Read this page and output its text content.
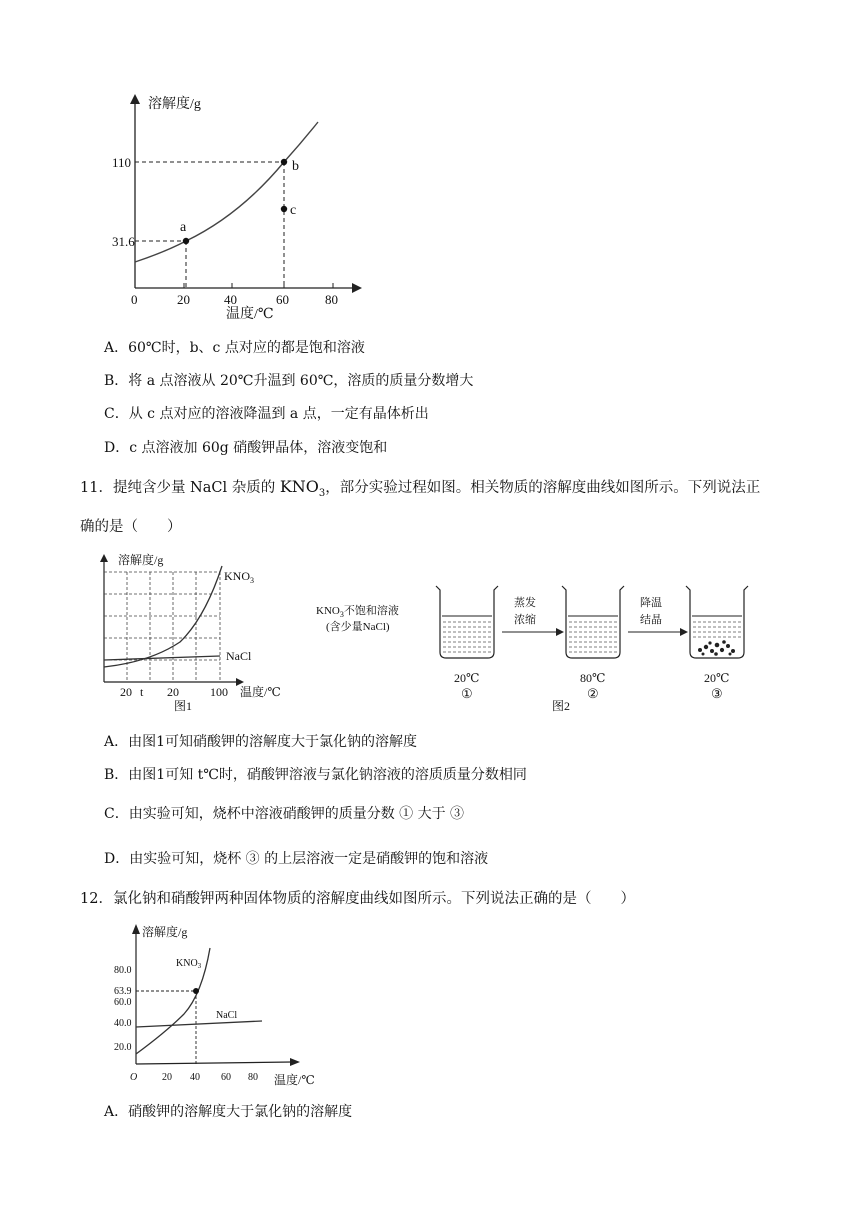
a
b
c
溶解度/g
110
31.6
0	20	40	60	80
温度/℃
A．60℃时，b、c 点对应的都是饱和溶液
B．将 a 点溶液从 20℃升温到 60℃，溶质的质量分数增大
C．从 c 点对应的溶液降温到 a 点，一定有晶体析出
D．c 点溶液加 60g 硝酸钾晶体，溶液变饱和
11．提纯含少量 NaCl 杂质的 $KNO_3$，部分实验过程如图。相关物质的溶解度曲线如图所示。下列说法正
确的是（　　）
溶解度/g
$KNO_3$
NaCl
20 t 20	100 温度/℃
图1
$KNO_3$不饱和溶液
(含少量NaCl)
蒸发
浓缩
降温
结晶
20℃	80℃	20℃
①	②	③
图2
A．由图1可知硝酸钾的溶解度大于氯化钠的溶解度
B．由图1可知 t℃时，硝酸钾溶液与氯化钠溶液的溶质质量分数相同
C．由实验可知，烧杯中溶液硝酸钾的质量分数 ① 大于 ③
D．由实验可知，烧杯 ③ 的上层溶液一定是硝酸钾的饱和溶液
12．氯化钠和硝酸钾两种固体物质的溶解度曲线如图所示。下列说法正确的是（　　）
溶解度/g
$KNO_3$
NaCl
80.0
63.9
60.0
40.0
20.0
O 20 40 60 80 温度/℃
A．硝酸钾的溶解度大于氯化钠的溶解度
